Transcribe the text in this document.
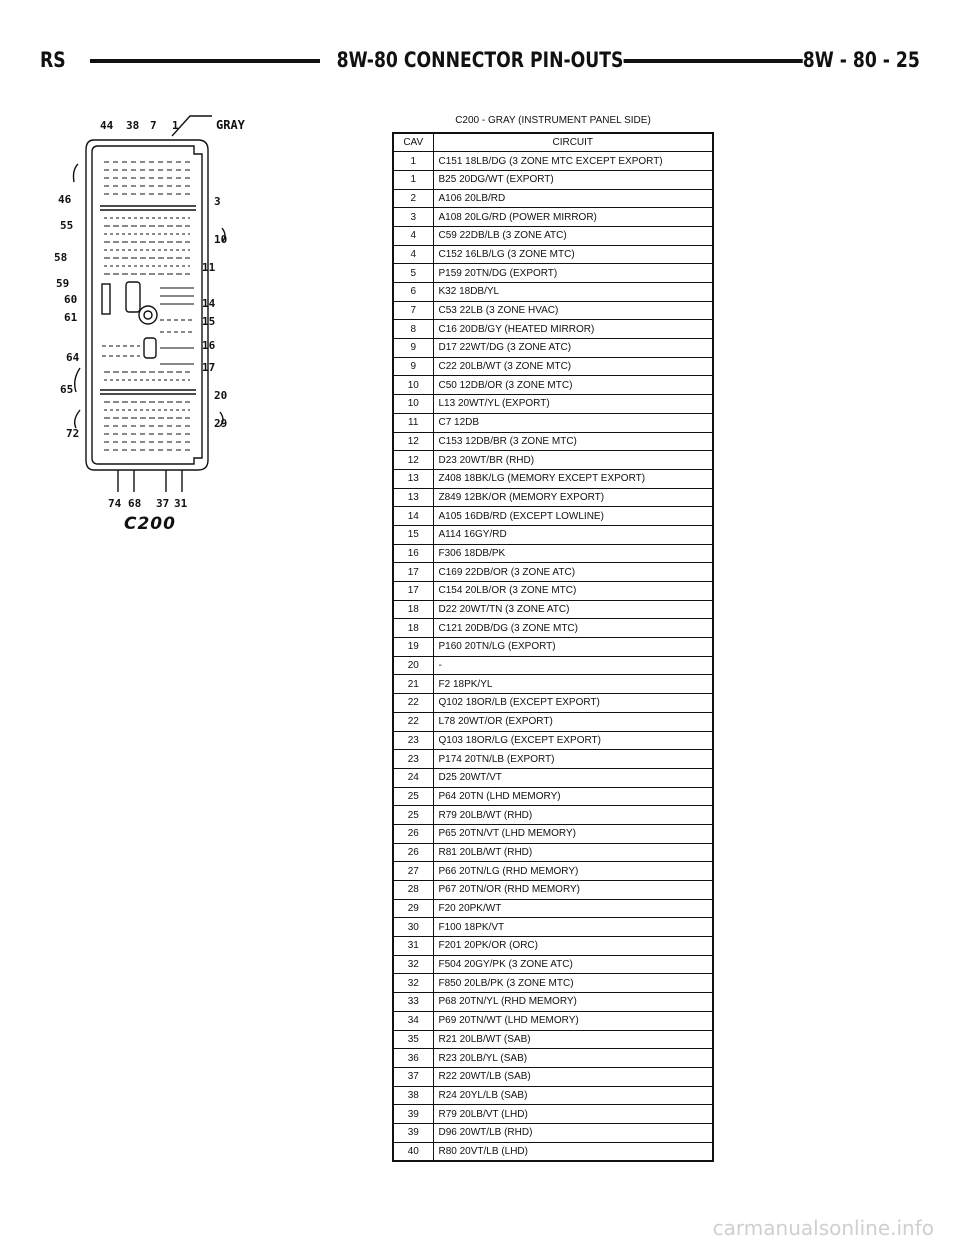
RS	8W-80 CONNECTOR PIN-OUTS	8W - 80 - 25
GRAY
44 38 7 1
46
55
58
59
60
61
64
65
72
3
10
11
14
15
16
17
20
29
74 68 37 31
C200
C200 - GRAY (INSTRUMENT PANEL SIDE)
CAV	CIRCUIT
1	C151 18LB/DG (3 ZONE MTC EXCEPT EXPORT)
1	B25 20DG/WT (EXPORT)
2	A106 20LB/RD
3	A108 20LG/RD (POWER MIRROR)
4	C59 22DB/LB (3 ZONE ATC)
4	C152 16LB/LG (3 ZONE MTC)
5	P159 20TN/DG (EXPORT)
6	K32 18DB/YL
7	C53 22LB (3 ZONE HVAC)
8	C16 20DB/GY (HEATED MIRROR)
9	D17 22WT/DG (3 ZONE ATC)
9	C22 20LB/WT (3 ZONE MTC)
10	C50 12DB/OR (3 ZONE MTC)
10	L13 20WT/YL (EXPORT)
11	C7 12DB
12	C153 12DB/BR (3 ZONE MTC)
12	D23 20WT/BR (RHD)
13	Z408 18BK/LG (MEMORY EXCEPT EXPORT)
13	Z849 12BK/OR (MEMORY EXPORT)
14	A105 16DB/RD (EXCEPT LOWLINE)
15	A114 16GY/RD
16	F306 18DB/PK
17	C169 22DB/OR (3 ZONE ATC)
17	C154 20LB/OR (3 ZONE MTC)
18	D22 20WT/TN (3 ZONE ATC)
18	C121 20DB/DG (3 ZONE MTC)
19	P160 20TN/LG (EXPORT)
20	-
21	F2 18PK/YL
22	Q102 18OR/LB (EXCEPT EXPORT)
22	L78 20WT/OR (EXPORT)
23	Q103 18OR/LG (EXCEPT EXPORT)
23	P174 20TN/LB (EXPORT)
24	D25 20WT/VT
25	P64 20TN (LHD MEMORY)
25	R79 20LB/WT (RHD)
26	P65 20TN/VT (LHD MEMORY)
26	R81 20LB/WT (RHD)
27	P66 20TN/LG (RHD MEMORY)
28	P67 20TN/OR (RHD MEMORY)
29	F20 20PK/WT
30	F100 18PK/VT
31	F201 20PK/OR (ORC)
32	F504 20GY/PK (3 ZONE ATC)
32	F850 20LB/PK (3 ZONE MTC)
33	P68 20TN/YL (RHD MEMORY)
34	P69 20TN/WT (LHD MEMORY)
35	R21 20LB/WT (SAB)
36	R23 20LB/YL (SAB)
37	R22 20WT/LB (SAB)
38	R24 20YL/LB (SAB)
39	R79 20LB/VT (LHD)
39	D96 20WT/LB (RHD)
40	R80 20VT/LB (LHD)
carmanualsonline.info
